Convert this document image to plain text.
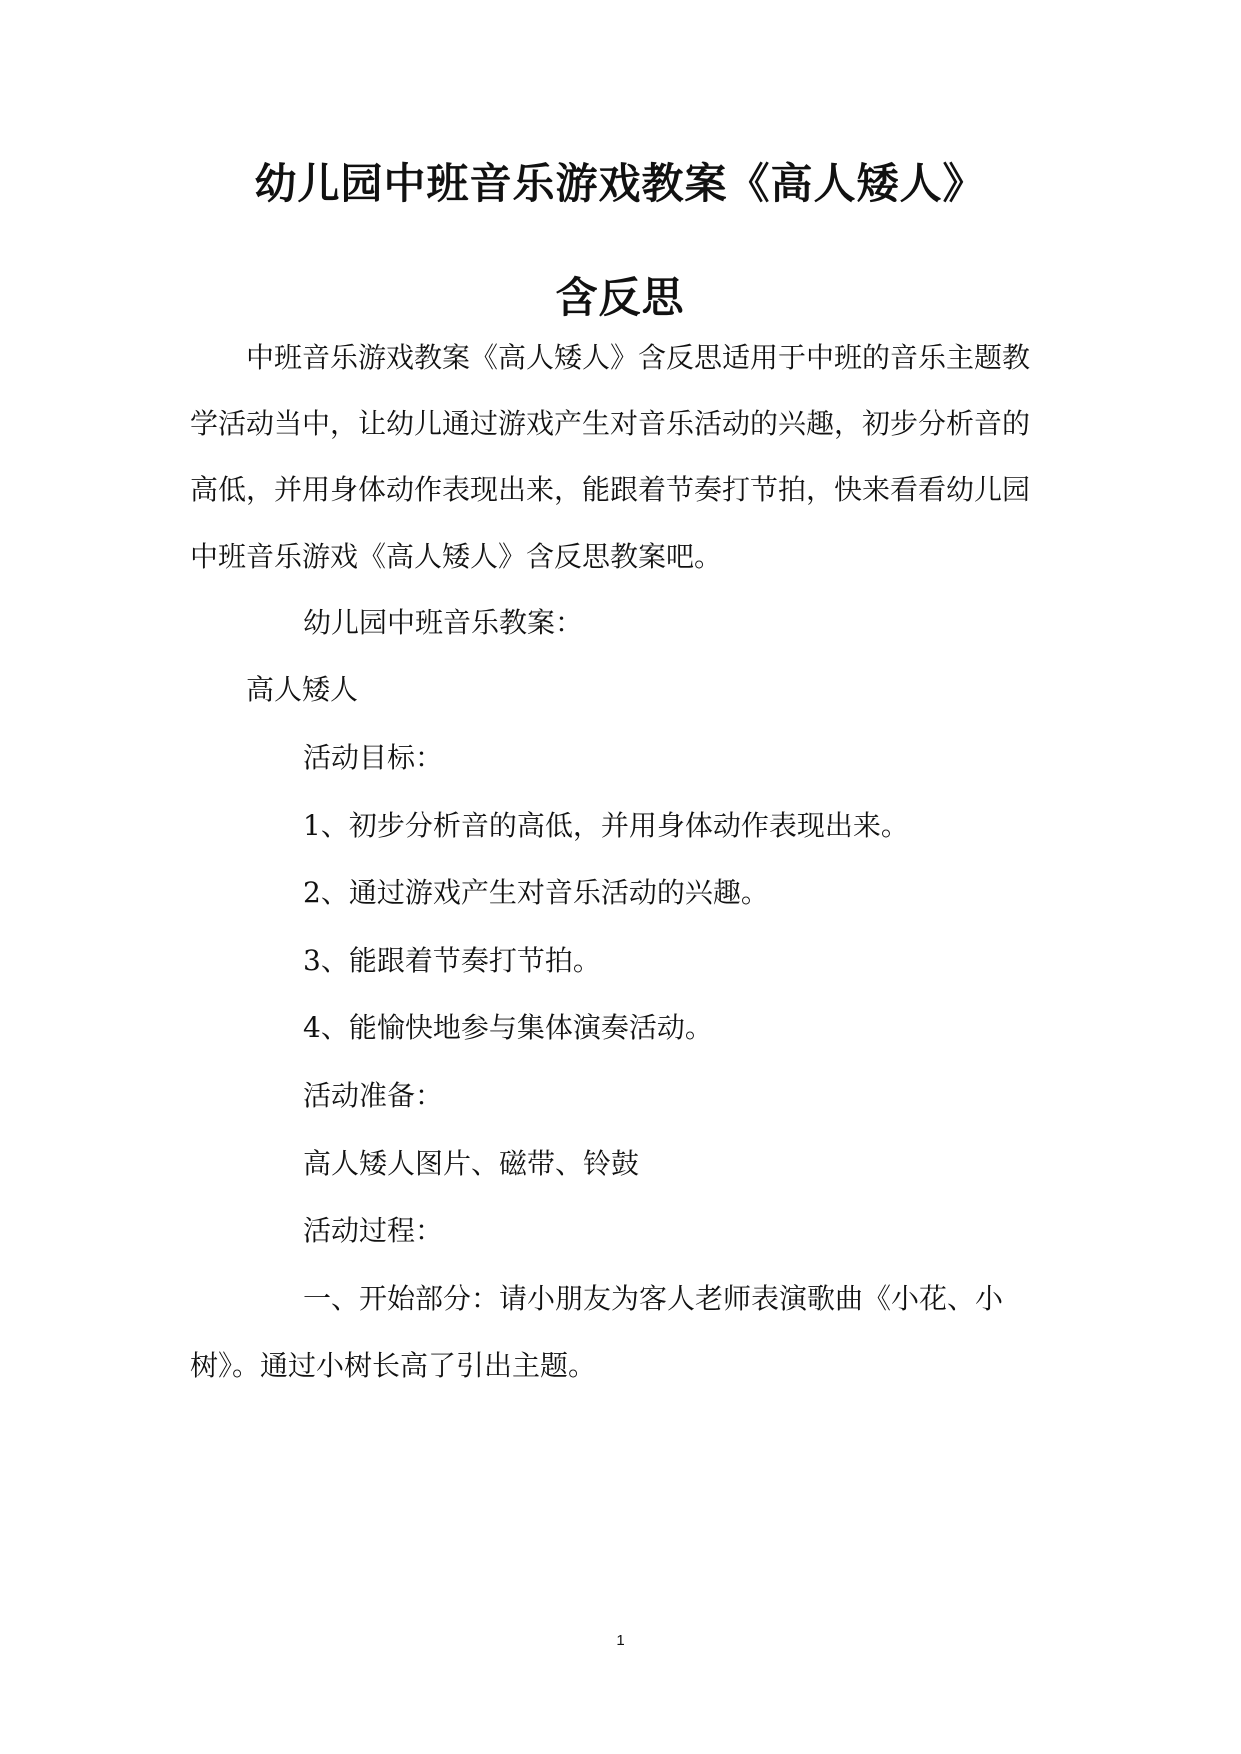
幼儿园中班音乐游戏教案《高人矮人》
含反思
中班音乐游戏教案《高人矮人》含反思适用于中班的音乐主题教
学活动当中，让幼儿通过游戏产生对音乐活动的兴趣，初步分析音的
高低，并用身体动作表现出来，能跟着节奏打节拍，快来看看幼儿园
中班音乐游戏《高人矮人》含反思教案吧。
幼儿园中班音乐教案：
高人矮人
活动目标：
1、初步分析音的高低，并用身体动作表现出来。
2、通过游戏产生对音乐活动的兴趣。
3、能跟着节奏打节拍。
4、能愉快地参与集体演奏活动。
活动准备：
高人矮人图片、磁带、铃鼓
活动过程：
一、开始部分：请小朋友为客人老师表演歌曲《小花、小
树》。通过小树长高了引出主题。
1
